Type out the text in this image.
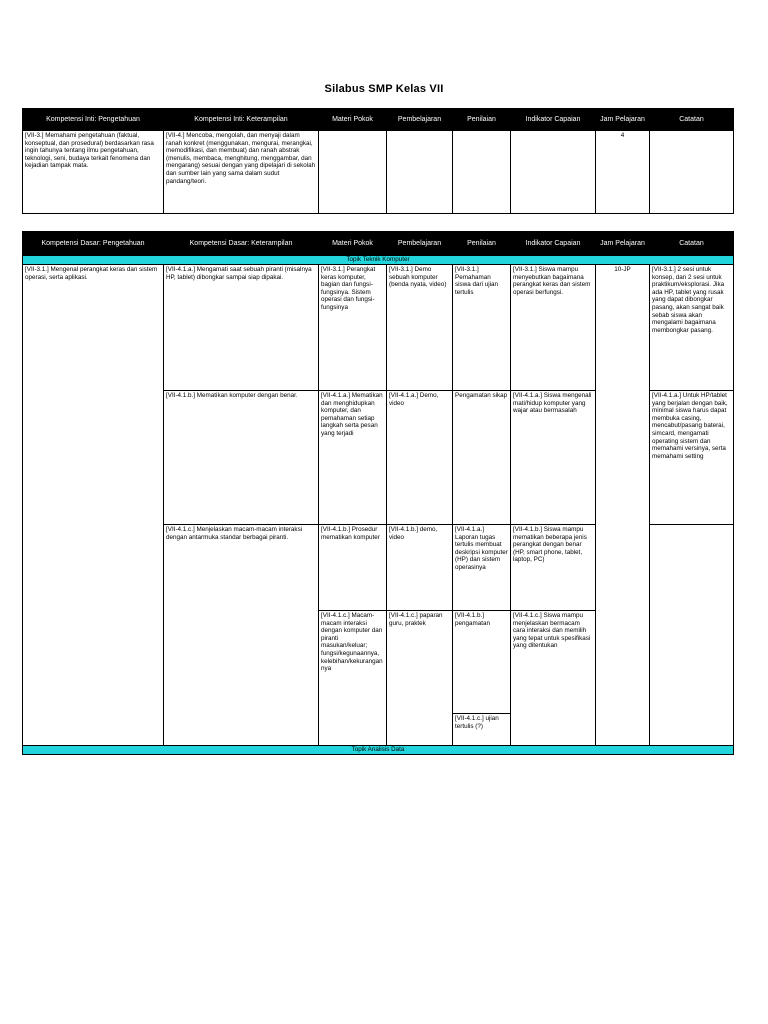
Silabus SMP Kelas VII
Kompetensi Inti: Pengetahuan	Kompetensi Inti: Keterampilan	Materi Pokok	Pembelajaran	Penilaian	Indikator Capaian	Jam Pelajaran	Catatan
[VII-3.] Memahami pengetahuan (faktual, konseptual, dan prosedural) berdasarkan rasa ingin tahunya tentang ilmu pengetahuan, teknologi, seni, budaya terkait fenomena dan kejadian tampak mata.	[VII-4.] Mencoba, mengolah, dan menyaji dalam ranah konkret (menggunakan, mengurai, merangkai, memodifikasi, dan membuat) dan ranah abstrak (menulis, membaca, menghitung, menggambar, dan mengarang) sesuai dengan yang dipelajari di sekolah dan sumber lain yang sama dalam sudut pandang/teori.					4	
Kompetensi Dasar: Pengetahuan	Kompetensi Dasar: Keterampilan	Materi Pokok	Pembelajaran	Penilaian	Indikator Capaian	Jam Pelajaran	Catatan
Topik Teknik Komputer							
[VII-3.1.] Mengenal perangkat keras dan sistem operasi, serta aplikasi.	[VII-4.1.a.] Mengamati saat sebuah piranti (misalnya HP, tablet) dibongkar sampai siap dipakai.	[VII-3.1.] Perangkat keras komputer, bagian dan fungsi-fungsinya. Sistem operasi dan fungsi-fungsinya	[VII-3.1.] Demo sebuah komputer (benda nyata, video)	[VII-3.1.] Pemahaman siswa dari ujian tertulis	[VII-3.1.] Siswa mampu menyebutkan bagaimana perangkat keras dan sistem operasi berfungsi.	10-JP	[VII-3.1.] 2 sesi untuk konsep, dan 2 sesi untuk praktikum/eksplorasi. Jika ada HP, tablet yang rusak yang dapat dibongkar pasang, akan sangat baik sebab siswa akan mengalami bagaimana membongkar pasang.
	[VII-4.1.b.] Mematikan komputer dengan benar.	[VII-4.1.a.] Mematikan dan menghidupkan komputer, dan pemahaman setiap langkah serta pesan yang terjadi	[VII-4.1.a.] Demo, video	Pengamatan sikap	[VII-4.1.a.] Siswa mengenali mati/hidup komputer yang wajar atau bermasalah		[VII-4.1.a.] Untuk HP/tablet yang berjalan dengan baik, minimal siswa harus dapat membuka casing, mencabut/pasang baterai, simcard, mengamati operating sistem dan memahami versinya, serta memahami setting
	[VII-4.1.c.] Menjelaskan macam-macam interaksi dengan antarmuka standar berbagai piranti.	[VII-4.1.b.] Prosedur mematikan komputer	[VII-4.1.b.] demo, video	[VII-4.1.a.] Laporan tugas tertulis membuat deskripsi komputer (HP) dan sistem operasinya	[VII-4.1.b.] Siswa mampu mematikan beberapa jenis perangkat dengan benar (HP, smart phone, tablet, laptop, PC)		
		[VII-4.1.c.] Macam-macam interaksi dengan komputer dan piranti masukan/keluar; fungsi/kegunaannya, kelebihan/kekurangannya	[VII-4.1.c.] paparan guru, praktek	[VII-4.1.b.] pengamatan	[VII-4.1.c.] Siswa mampu menjelaskan bermacam cara interaksi dan memilih yang tepat untuk spesifikasi yang ditentukan		
				[VII-4.1.c.] ujian tertulis (?)			
Topik Analisis Data							
